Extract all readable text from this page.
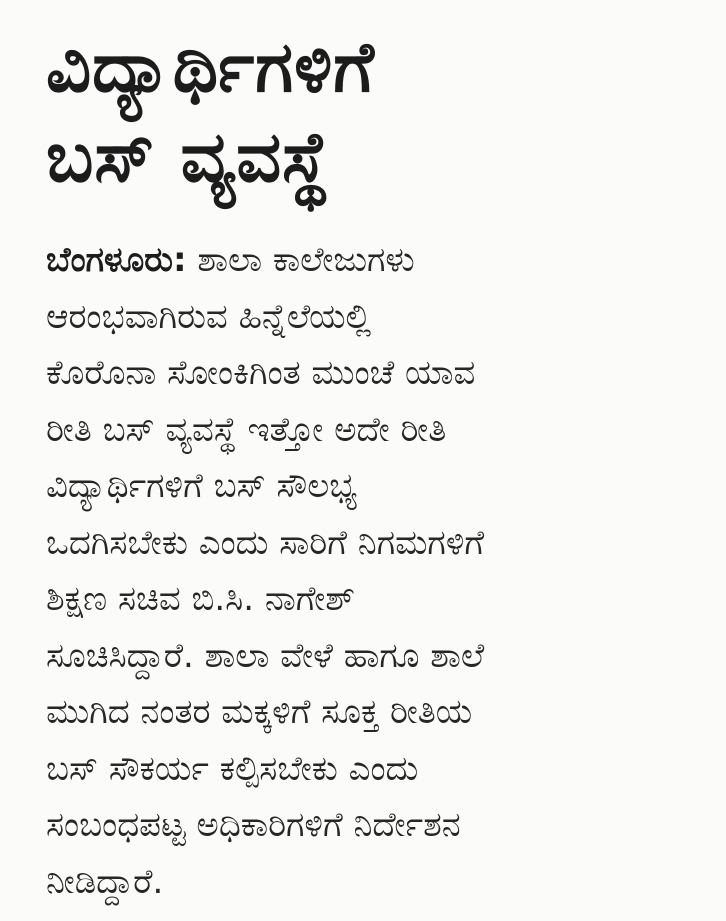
ವಿದ್ಯಾರ್ಥಿಗಳಿಗೆ
ಬಸ್ ವ್ಯವಸ್ಥೆ

ಬೆಂಗಳೂರು: ಶಾಲಾ ಕಾಲೇಜುಗಳು
ಆರಂಭವಾಗಿರುವ ಹಿನ್ನೆಲೆಯಲ್ಲಿ
ಕೊರೊನಾ ಸೋಂಕಿಗಿಂತ ಮುಂಚೆ ಯಾವ
ರೀತಿ ಬಸ್ ವ್ಯವಸ್ಥೆ ಇತ್ತೋ ಅದೇ ರೀತಿ
ವಿದ್ಯಾರ್ಥಿಗಳಿಗೆ ಬಸ್ ಸೌಲಭ್ಯ
ಒದಗಿಸಬೇಕು ಎಂದು ಸಾರಿಗೆ ನಿಗಮಗಳಿಗೆ
ಶಿಕ್ಷಣ ಸಚಿವ ಬಿ.ಸಿ. ನಾಗೇಶ್
ಸೂಚಿಸಿದ್ದಾರೆ. ಶಾಲಾ ವೇಳೆ ಹಾಗೂ ಶಾಲೆ
ಮುಗಿದ ನಂತರ ಮಕ್ಕಳಿಗೆ ಸೂಕ್ತ ರೀತಿಯ
ಬಸ್ ಸೌಕರ್ಯ ಕಲ್ಪಿಸಬೇಕು ಎಂದು
ಸಂಬಂಧಪಟ್ಟ ಅಧಿಕಾರಿಗಳಿಗೆ ನಿರ್ದೇಶನ
ನೀಡಿದ್ದಾರೆ.
